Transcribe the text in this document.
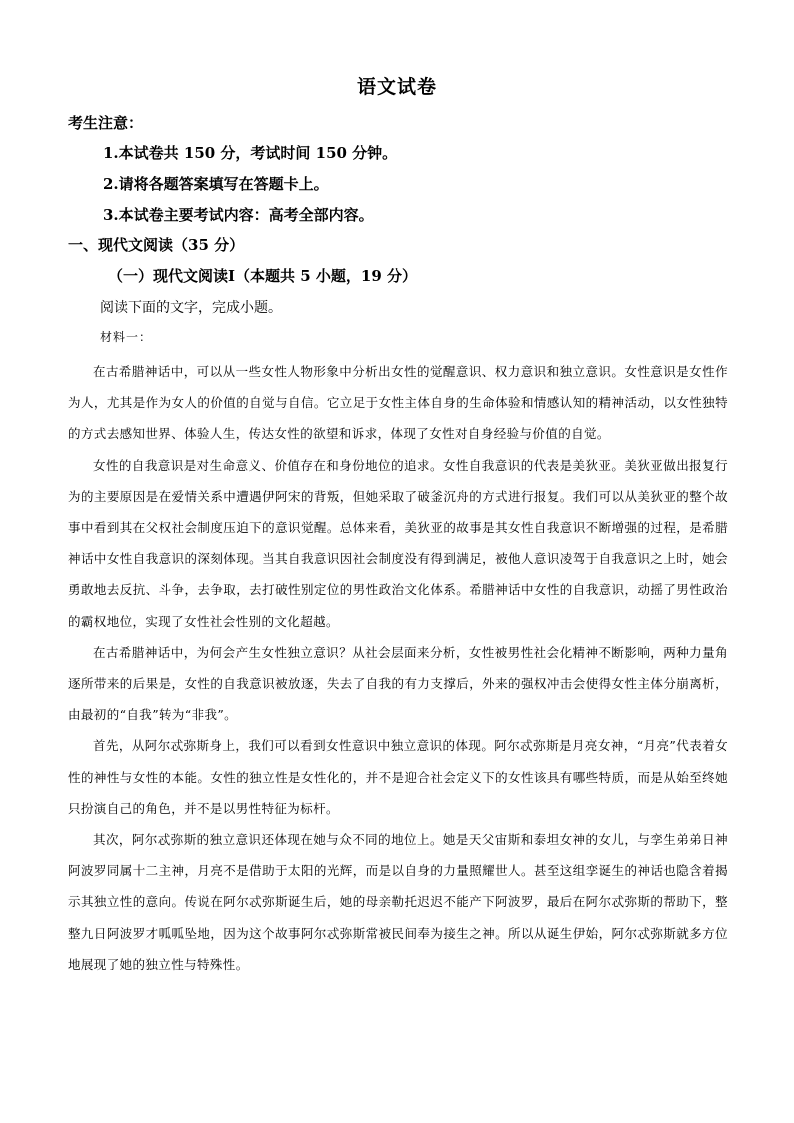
语文试卷
考生注意：
1.本试卷共 150 分，考试时间 150 分钟。
2.请将各题答案填写在答题卡上。
3.本试卷主要考试内容：高考全部内容。
一、现代文阅读（35 分）
（一）现代文阅读Ⅰ（本题共 5 小题，19 分）
阅读下面的文字，完成小题。
材料一：

在古希腊神话中，可以从一些女性人物形象中分析出女性的觉醒意识、权力意识和独立意识。女性意识是女性作为人，尤其是作为女人的价值的自觉与自信。它立足于女性主体自身的生命体验和情感认知的精神活动，以女性独特的方式去感知世界、体验人生，传达女性的欲望和诉求，体现了女性对自身经验与价值的自觉。

女性的自我意识是对生命意义、价值存在和身份地位的追求。女性自我意识的代表是美狄亚。美狄亚做出报复行为的主要原因是在爱情关系中遭遇伊阿宋的背叛，但她采取了破釜沉舟的方式进行报复。我们可以从美狄亚的整个故事中看到其在父权社会制度压迫下的意识觉醒。总体来看，美狄亚的故事是其女性自我意识不断增强的过程，是希腊神话中女性自我意识的深刻体现。当其自我意识因社会制度没有得到满足，被他人意识凌驾于自我意识之上时，她会勇敢地去反抗、斗争，去争取，去打破性别定位的男性政治文化体系。希腊神话中女性的自我意识，动摇了男性政治的霸权地位，实现了女性社会性别的文化超越。

在古希腊神话中，为何会产生女性独立意识？从社会层面来分析，女性被男性社会化精神不断影响，两种力量角逐所带来的后果是，女性的自我意识被放逐，失去了自我的有力支撑后，外来的强权冲击会使得女性主体分崩离析，由最初的“自我”转为“非我”。

首先，从阿尔忒弥斯身上，我们可以看到女性意识中独立意识的体现。阿尔忒弥斯是月亮女神，“月亮”代表着女性的神性与女性的本能。女性的独立性是女性化的，并不是迎合社会定义下的女性该具有哪些特质，而是从始至终她只扮演自己的角色，并不是以男性特征为标杆。

其次，阿尔忒弥斯的独立意识还体现在她与众不同的地位上。她是天父宙斯和泰坦女神的女儿，与孪生弟弟日神阿波罗同属十二主神，月亮不是借助于太阳的光辉，而是以自身的力量照耀世人。甚至这组孪诞生的神话也隐含着揭示其独立性的意向。传说在阿尔忒弥斯诞生后，她的母亲勒托迟迟不能产下阿波罗，最后在阿尔忒弥斯的帮助下，整整九日阿波罗才呱呱坠地，因为这个故事阿尔忒弥斯常被民间奉为接生之神。所以从诞生伊始，阿尔忒弥斯就多方位地展现了她的独立性与特殊性。
